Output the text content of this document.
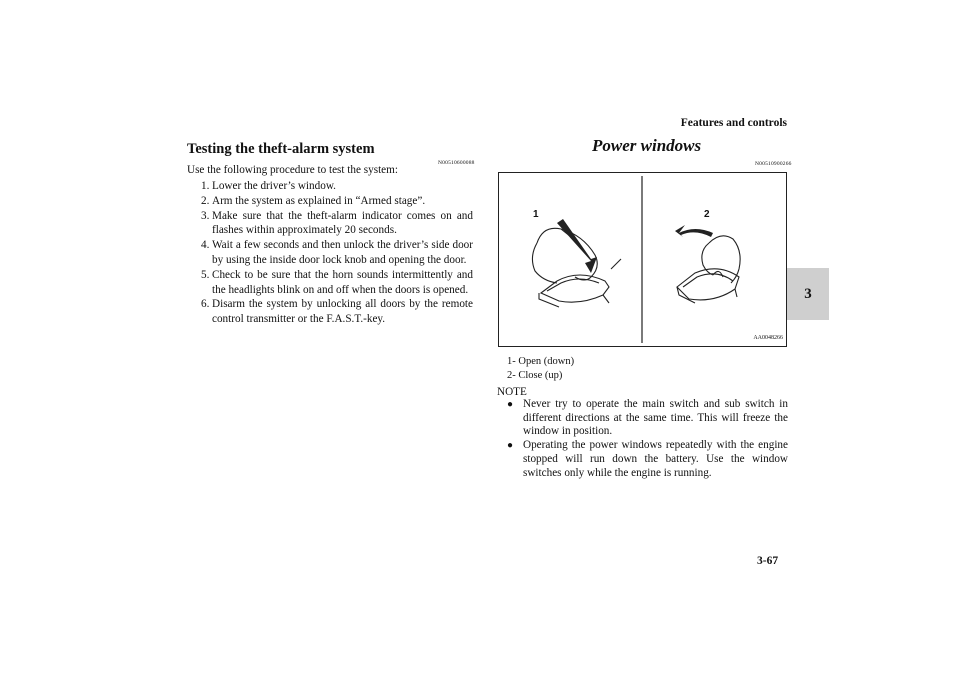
Features and controls
3
Testing the theft-alarm system
N00510600088
Use the following procedure to test the system:
1. Lower the driver’s window.
2. Arm the system as explained in “Armed stage”.
3. Make sure that the theft-alarm indicator comes on and flashes within approximately 20 seconds.
4. Wait a few seconds and then unlock the driver’s side door by using the inside door lock knob and opening the door.
5. Check to be sure that the horn sounds intermittently and the headlights blink on and off when the doors is opened.
6. Disarm the system by unlocking all doors by the remote control transmitter or the F.A.S.T.-key.
Power windows
N00510900266
1	2
AA0048266
1- Open (down)
2- Close (up)
NOTE
● Never try to operate the main switch and sub switch in different directions at the same time. This will freeze the window in position.
● Operating the power windows repeatedly with the engine stopped will run down the battery. Use the window switches only while the engine is running.
3-67
